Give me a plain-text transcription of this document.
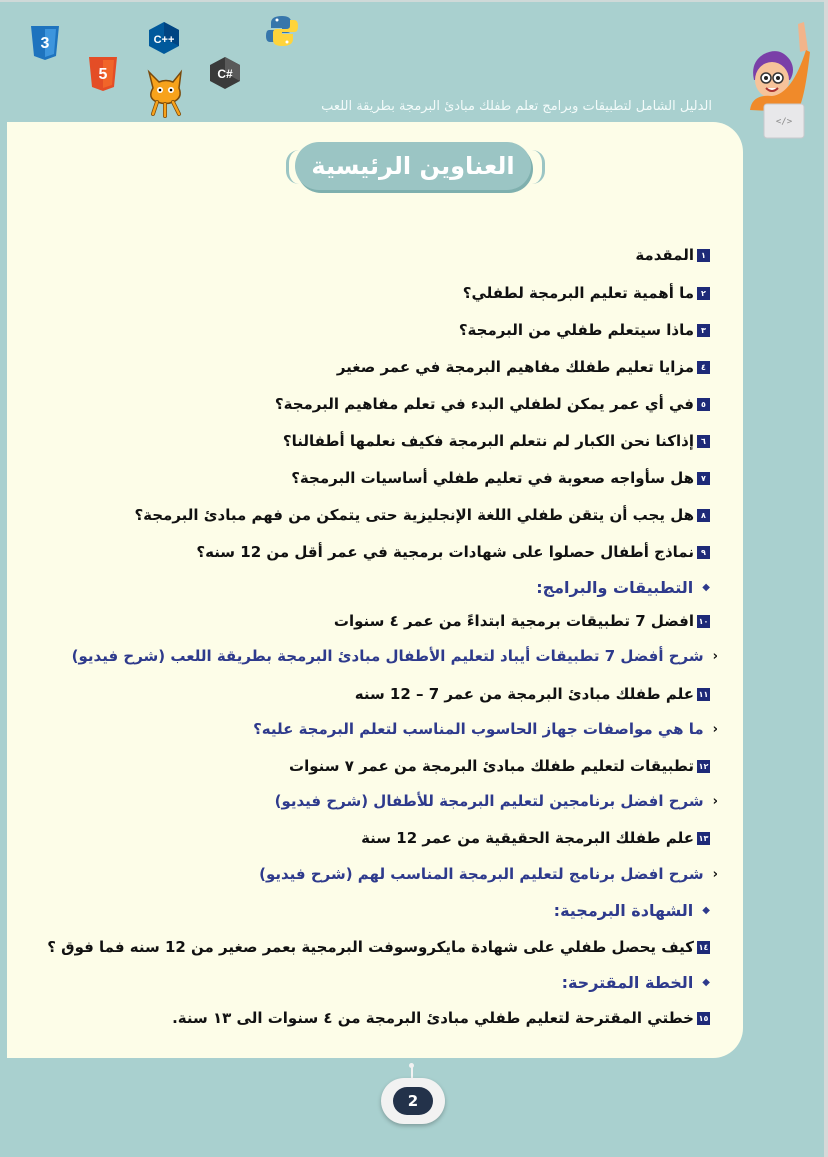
3
5
C++
C#
</>
الدليل الشامل لتطبيقات وبرامج تعلم طفلك مبادئ البرمجة بطريقة اللعب
العناوين الرئيسية
١
المقدمة
٢
ما أهمية تعليم البرمجة لطفلي؟
٣
ماذا سيتعلم طفلي من البرمجة؟
٤
مزايا تعليم طفلك مفاهيم البرمجة في عمر صغير
٥
في أي عمر يمكن لطفلي البدء في تعلم مفاهيم البرمجة؟
٦
إذاكنا نحن الكبار لم نتعلم البرمجة فكيف نعلمها أطفالنا؟
٧
هل سأواجه صعوبة في تعليم طفلي أساسيات البرمجة؟
٨
هل يجب أن يتقن طفلي اللغة الإنجليزية حتى يتمكن من فهم مبادئ البرمجة؟
٩
نماذج أطفال حصلوا على شهادات برمجية في عمر أقل من 12 سنه؟
◆
التطبيقات والبرامج:
١٠
افضل 7 تطبيقات برمجية ابتداءً من عمر ٤ سنوات
‹
شرح أفضل 7 تطبيقات أيباد لتعليم الأطفال مبادئ البرمجة بطريقة اللعب (شرح فيديو)
١١
علم طفلك مبادئ البرمجة من عمر 7 – 12 سنه
‹
ما هي مواصفات جهاز الحاسوب المناسب لتعلم البرمجة عليه؟
١٢
تطبيقات لتعليم طفلك مبادئ البرمجة من عمر ٧ سنوات
‹
شرح افضل برنامجين لتعليم البرمجة للأطفال (شرح فيديو)
١٣
علم طفلك البرمجة الحقيقية من عمر 12 سنة
‹
شرح افضل برنامج لتعليم البرمجة المناسب لهم (شرح فيديو)
◆
الشهادة البرمجية:
١٤
كيف يحصل طفلي على شهادة مايكروسوفت البرمجية بعمر صغير من 12 سنه فما فوق ؟
◆
الخطة المقترحة:
١٥
خطتي المقترحة لتعليم طفلي مبادئ البرمجة من ٤ سنوات الى ١٣ سنة.
2
